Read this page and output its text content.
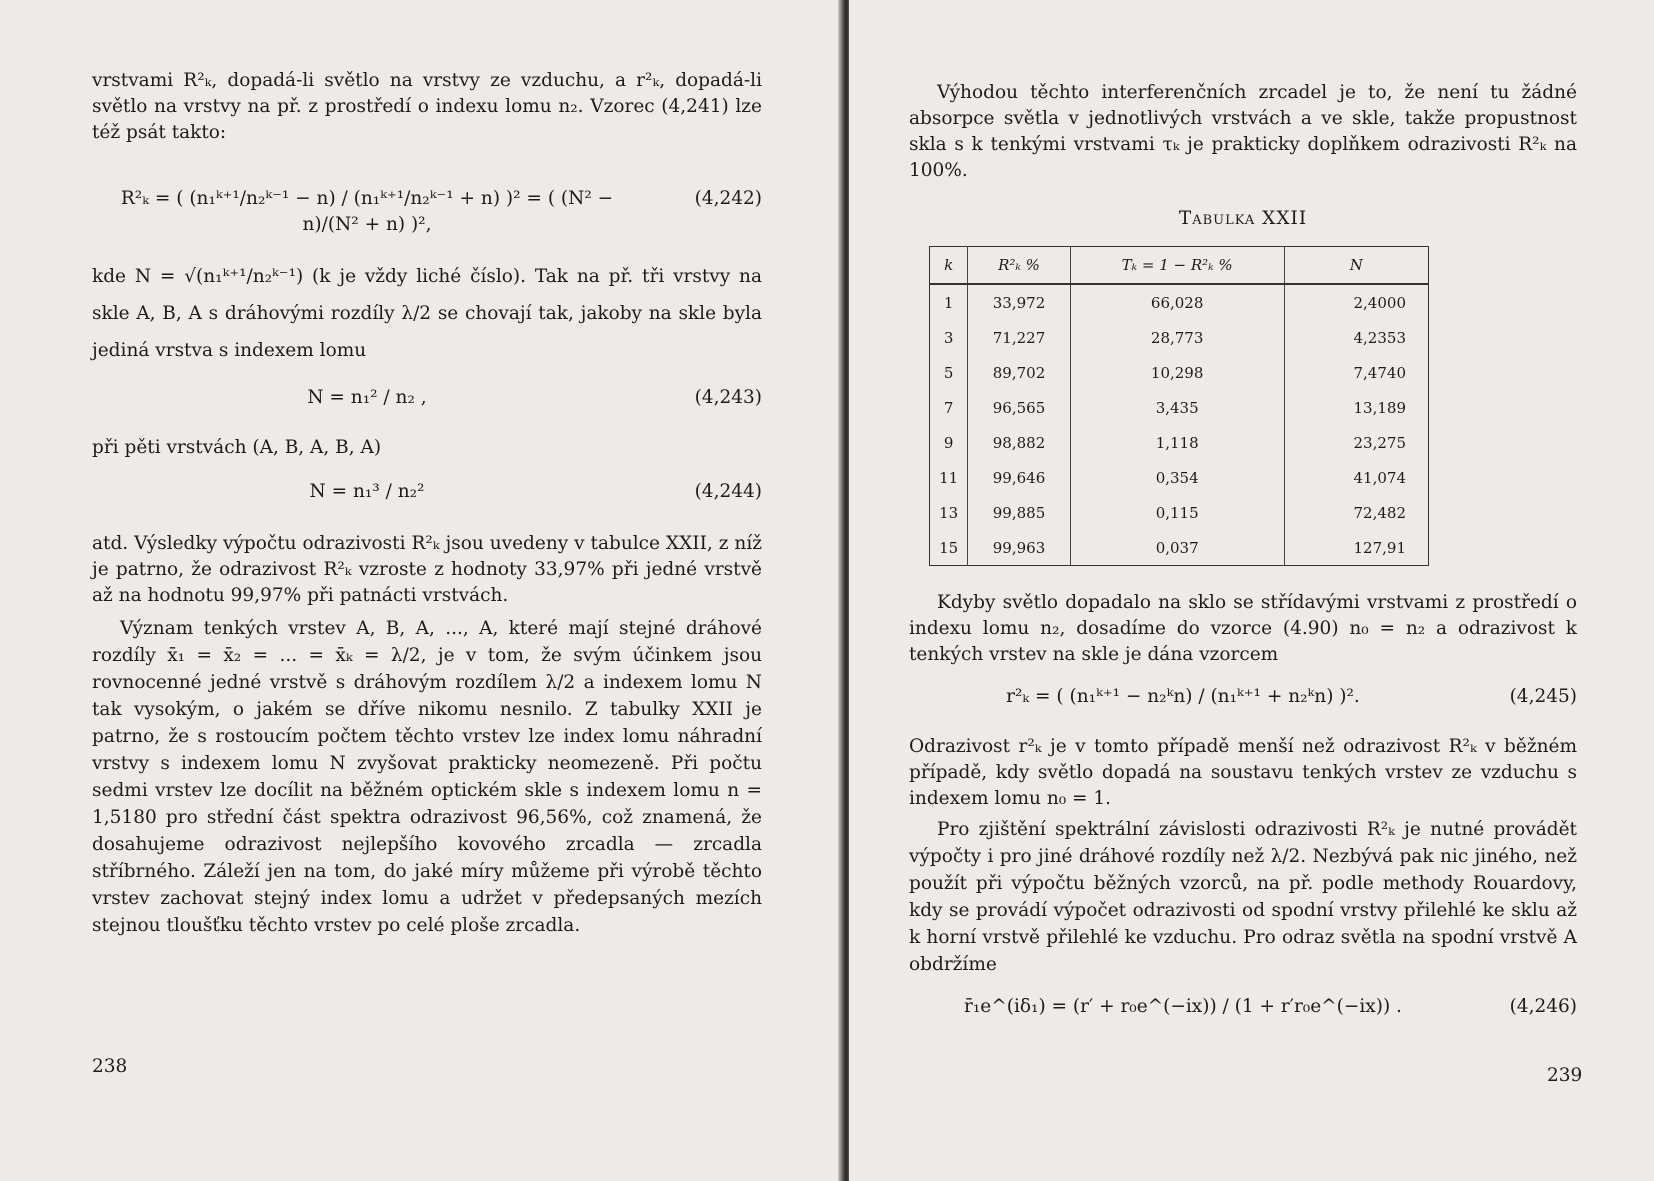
vrstvami R²ₖ, dopadá-li světlo na vrstvy ze vzduchu, a r²ₖ, dopadá-li světlo na vrstvy na př. z prostředí o indexu lomu n₂. Vzorec (4,241) lze též psát takto:

R²ₖ = ( (n₁ᵏ⁺¹/n₂ᵏ⁻¹ − n) / (n₁ᵏ⁺¹/n₂ᵏ⁻¹ + n) )² = ( (N² − n)/(N² + n) )²,
(4,242)

kde N = √(n₁ᵏ⁺¹/n₂ᵏ⁻¹) (k je vždy liché číslo). Tak na př. tři vrstvy na skle A, B, A s dráhovými rozdíly λ/2 se chovají tak, jakoby na skle byla jediná vrstva s indexem lomu

N = n₁² / n₂ ,	(4,243)

při pěti vrstvách (A, B, A, B, A)

N = n₁³ / n₂²	(4,244)

atd. Výsledky výpočtu odrazivosti R²ₖ jsou uvedeny v tabulce XXII, z níž je patrno, že odrazivost R²ₖ vzroste z hodnoty 33,97% při jedné vrstvě až na hodnotu 99,97% při patnácti vrstvách.

Význam tenkých vrstev A, B, A, ..., A, které mají stejné dráhové rozdíly x̄₁ = x̄₂ = ... = x̄ₖ = λ/2, je v tom, že svým účinkem jsou rovnocenné jedné vrstvě s dráhovým rozdílem λ/2 a indexem lomu N tak vysokým, o jakém se dříve nikomu nesnilo. Z tabulky XXII je patrno, že s rostoucím počtem těchto vrstev lze index lomu náhradní vrstvy s indexem lomu N zvyšovat prakticky neomezeně. Při počtu sedmi vrstev lze docílit na běžném optickém skle s indexem lomu n = 1,5180 pro střední část spektra odrazivost 96,56%, což znamená, že dosahujeme odrazivost nejlepšího kovového zrcadla — zrcadla stříbrného. Záleží jen na tom, do jaké míry můžeme při výrobě těchto vrstev zachovat stejný index lomu a udržet v předepsaných mezích stejnou tloušťku těchto vrstev po celé ploše zrcadla.

238

Výhodou těchto interferenčních zrcadel je to, že není tu žádné absorpce světla v jednotlivých vrstvách a ve skle, takže propustnost skla s k tenkými vrstvami τₖ je prakticky doplňkem odrazivosti R²ₖ na 100%.

Tabulka XXII
k	R²ₖ %	Tₖ = 1 − R²ₖ %	N
1	33,972	66,028	2,4000
3	71,227	28,773	4,2353
5	89,702	10,298	7,4740
7	96,565	3,435	13,189
9	98,882	1,118	23,275
11	99,646	0,354	41,074
13	99,885	0,115	72,482
15	99,963	0,037	127,91

Kdyby světlo dopadalo na sklo se střídavými vrstvami z prostředí o indexu lomu n₂, dosadíme do vzorce (4.90) n₀ = n₂ a odrazivost k tenkých vrstev na skle je dána vzorcem

r²ₖ = ( (n₁ᵏ⁺¹ − n₂ᵏn) / (n₁ᵏ⁺¹ + n₂ᵏn) )².	(4,245)

Odrazivost r²ₖ je v tomto případě menší než odrazivost R²ₖ v běžném případě, kdy světlo dopadá na soustavu tenkých vrstev ze vzduchu s indexem lomu n₀ = 1.

Pro zjištění spektrální závislosti odrazivosti R²ₖ je nutné provádět výpočty i pro jiné dráhové rozdíly než λ/2. Nezbývá pak nic jiného, než použít při výpočtu běžných vzorců, na př. podle methody Rouardovy, kdy se provádí výpočet odrazivosti od spodní vrstvy přilehlé ke sklu až k horní vrstvě přilehlé ke vzduchu. Pro odraz světla na spodní vrstvě A obdržíme

r̄₁e^(iδ₁) = (r′ + r₀e^(−ix)) / (1 + r′r₀e^(−ix)) .	(4,246)
239
